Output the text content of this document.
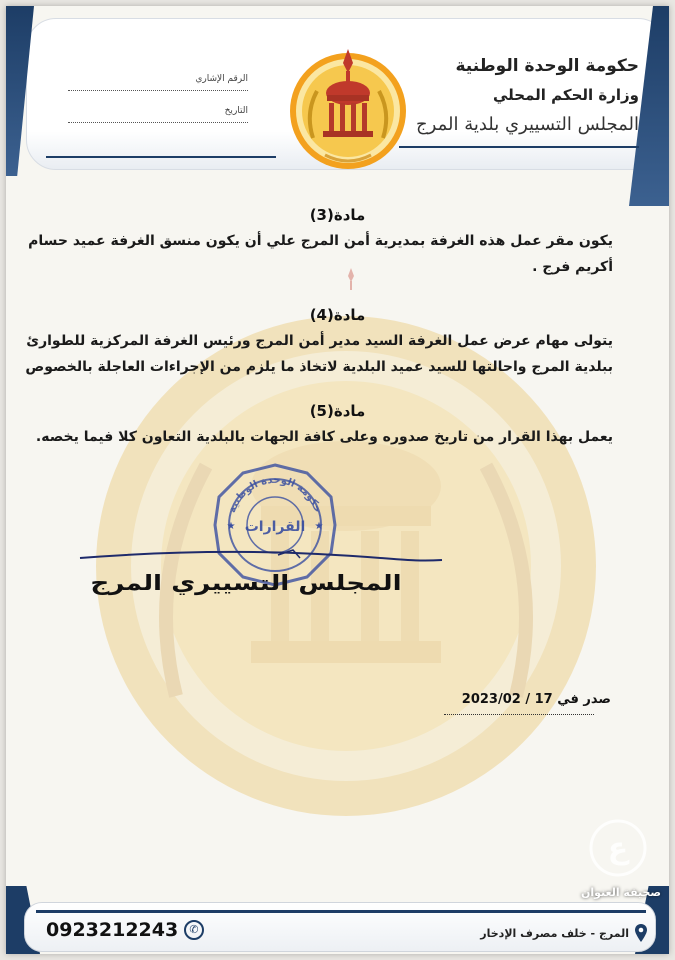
حكومة الوحدة الوطنية
وزارة الحكم المحلي
المجلس التسييري بلدية المرج
الرقم الإشاري
التاريخ
مادة(3)
يكون مقر عمل هذه الغرفة بمديرية أمن المرج علي أن يكون منسق الغرفة عميد حسام
أكريم فرج .
مادة(4)
يتولى مهام عرض عمل الغرفة السيد مدير أمن المرج ورئيس الغرفة المركزية للطوارئ
ببلدية المرج واحالتها للسيد عميد البلدية لاتخاذ ما يلزم من الإجراءات العاجلة بالخصوص
مادة(5)
يعمل بهذا القرار من تاريخ صدوره وعلى كافة الجهات بالبلدية التعاون كلا فيما يخصه.
حكومة الوحدة الوطنية
القرارات
★	★
المجلس التسييري المرج
صدر في 17 / 2023/02
0923212243	✆	المرج - خلف مصرف الإدخار
ع
صحيفة العنوان
